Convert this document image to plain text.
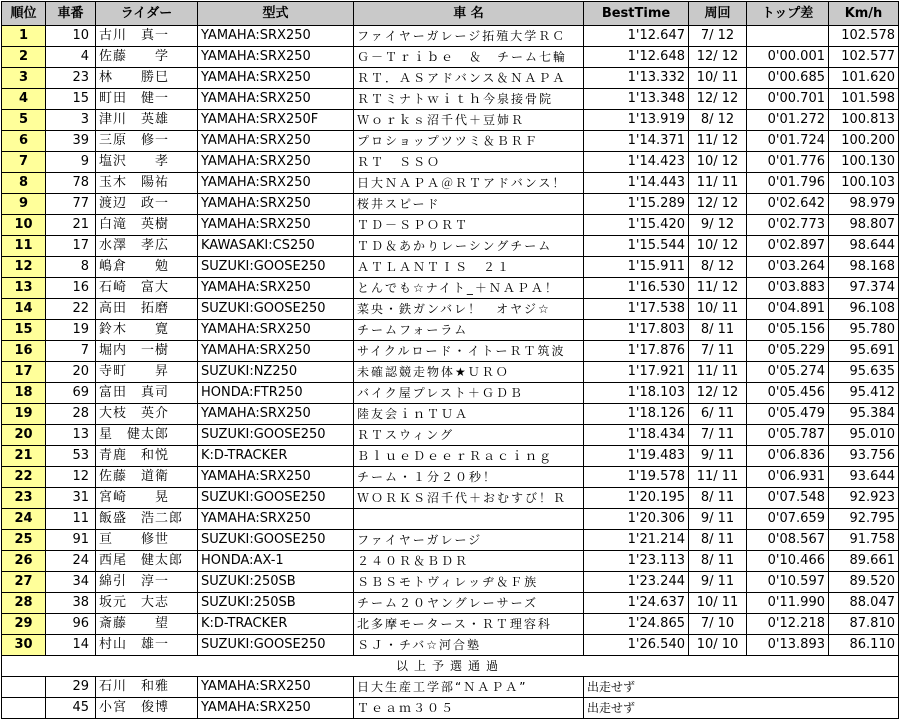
順位	車番	ライダー	型式	車 名	BestTime	周回	トップ差	Km/h
1	10	古川　真一	YAMAHA:SRX250	ファイヤーガレージ拓殖大学ＲＣ	1'12.647	7/ 12		102.578
2	4	佐藤　　学	YAMAHA:SRX250	Ｇ－Ｔｒｉｂｅ　＆　チーム七輪	1'12.648	12/ 12	0'00.001	102.577
3	23	林　　勝巳	YAMAHA:SRX250	ＲＴ．ＡＳアドバンス＆ＮＡＰＡ	1'13.332	10/ 11	0'00.685	101.620
4	15	町田　健一	YAMAHA:SRX250	ＲＴミナトｗｉｔｈ今泉接骨院	1'13.348	12/ 12	0'00.701	101.598
5	3	津川　英雄	YAMAHA:SRX250F	Ｗｏｒｋｓ沼千代＋豆姉Ｒ	1'13.919	8/ 12	0'01.272	100.813
6	39	三原　修一	YAMAHA:SRX250	プロショップツツミ＆ＢＲＦ	1'14.371	11/ 12	0'01.724	100.200
7	9	塩沢　　孝	YAMAHA:SRX250	ＲＴ　ＳＳＯ	1'14.423	10/ 12	0'01.776	100.130
8	78	玉木　陽祐	YAMAHA:SRX250	日大ＮＡＰＡ＠ＲＴアドバンス！	1'14.443	11/ 11	0'01.796	100.103
9	77	渡辺　政一	YAMAHA:SRX250	桜井スピード	1'15.289	12/ 12	0'02.642	98.979
10	21	白滝　英樹	YAMAHA:SRX250	ＴＤ－ＳＰＯＲＴ	1'15.420	9/ 12	0'02.773	98.807
11	17	水澤　孝広	KAWASAKI:CS250	ＴＤ＆あかりレーシングチーム	1'15.544	10/ 12	0'02.897	98.644
12	8	嶋倉　　勉	SUZUKI:GOOSE250	ＡＴＬＡＮＴＩＳ　２１	1'15.911	8/ 12	0'03.264	98.168
13	16	石崎　富大	YAMAHA:SRX250	とんでも☆ナイト_＋ＮＡＰＡ！	1'16.530	11/ 12	0'03.883	97.374
14	22	高田　拓磨	SUZUKI:GOOSE250	菜央・鉄ガンバレ！　オヤジ☆	1'17.538	10/ 11	0'04.891	96.108
15	19	鈴木　　寛	YAMAHA:SRX250	チームフォーラム	1'17.803	8/ 11	0'05.156	95.780
16	7	堀内　一樹	YAMAHA:SRX250	サイクルロード・イトーＲＴ筑波	1'17.876	7/ 11	0'05.229	95.691
17	20	寺町　　昇	SUZUKI:NZ250	未確認競走物体★ＵＲＯ	1'17.921	11/ 11	0'05.274	95.635
18	69	富田　真司	HONDA:FTR250	バイク屋プレスト＋ＧＤＢ	1'18.103	12/ 12	0'05.456	95.412
19	28	大枝　英介	YAMAHA:SRX250	陸友会ｉｎＴＵＡ	1'18.126	6/ 11	0'05.479	95.384
20	13	星　健太郎	SUZUKI:GOOSE250	ＲＴスウィング	1'18.434	7/ 11	0'05.787	95.010
21	53	青鹿　和悦	K:D-TRACKER	ＢｌｕｅＤｅｅｒＲａｃｉｎｇ	1'19.483	9/ 11	0'06.836	93.756
22	12	佐藤　道衛	YAMAHA:SRX250	チーム・１分２０秒！	1'19.578	11/ 11	0'06.931	93.644
23	31	宮崎　　晃	SUZUKI:GOOSE250	ＷＯＲＫＳ沼千代＋おむすび！Ｒ	1'20.195	8/ 11	0'07.548	92.923
24	11	飯盛　浩二郎	YAMAHA:SRX250		1'20.306	9/ 11	0'07.659	92.795
25	91	亘　　修世	SUZUKI:GOOSE250	ファイヤーガレージ	1'21.214	8/ 11	0'08.567	91.758
26	24	西尾　健太郎	HONDA:AX-1	２４０Ｒ＆ＢＤＲ	1'23.113	8/ 11	0'10.466	89.661
27	34	綿引　淳一	SUZUKI:250SB	ＳＢＳモトヴィレッヂ＆Ｆ族	1'23.244	9/ 11	0'10.597	89.520
28	38	坂元　大志	SUZUKI:250SB	チーム２０ヤングレーサーズ	1'24.637	10/ 11	0'11.990	88.047
29	96	斎藤　　望	K:D-TRACKER	北多摩モータース・ＲＴ理容科	1'24.865	7/ 10	0'12.218	87.810
30	14	村山　雄一	SUZUKI:GOOSE250	ＳＪ・チバ☆河合塾	1'26.540	10/ 10	0'13.893	86.110
以上予選通過								
	29	石川　和雅	YAMAHA:SRX250	日大生産工学部“ＮＡＰＡ”	出走せず			
	45	小宮　俊博	YAMAHA:SRX250	Ｔｅａｍ３０５	出走せず			
